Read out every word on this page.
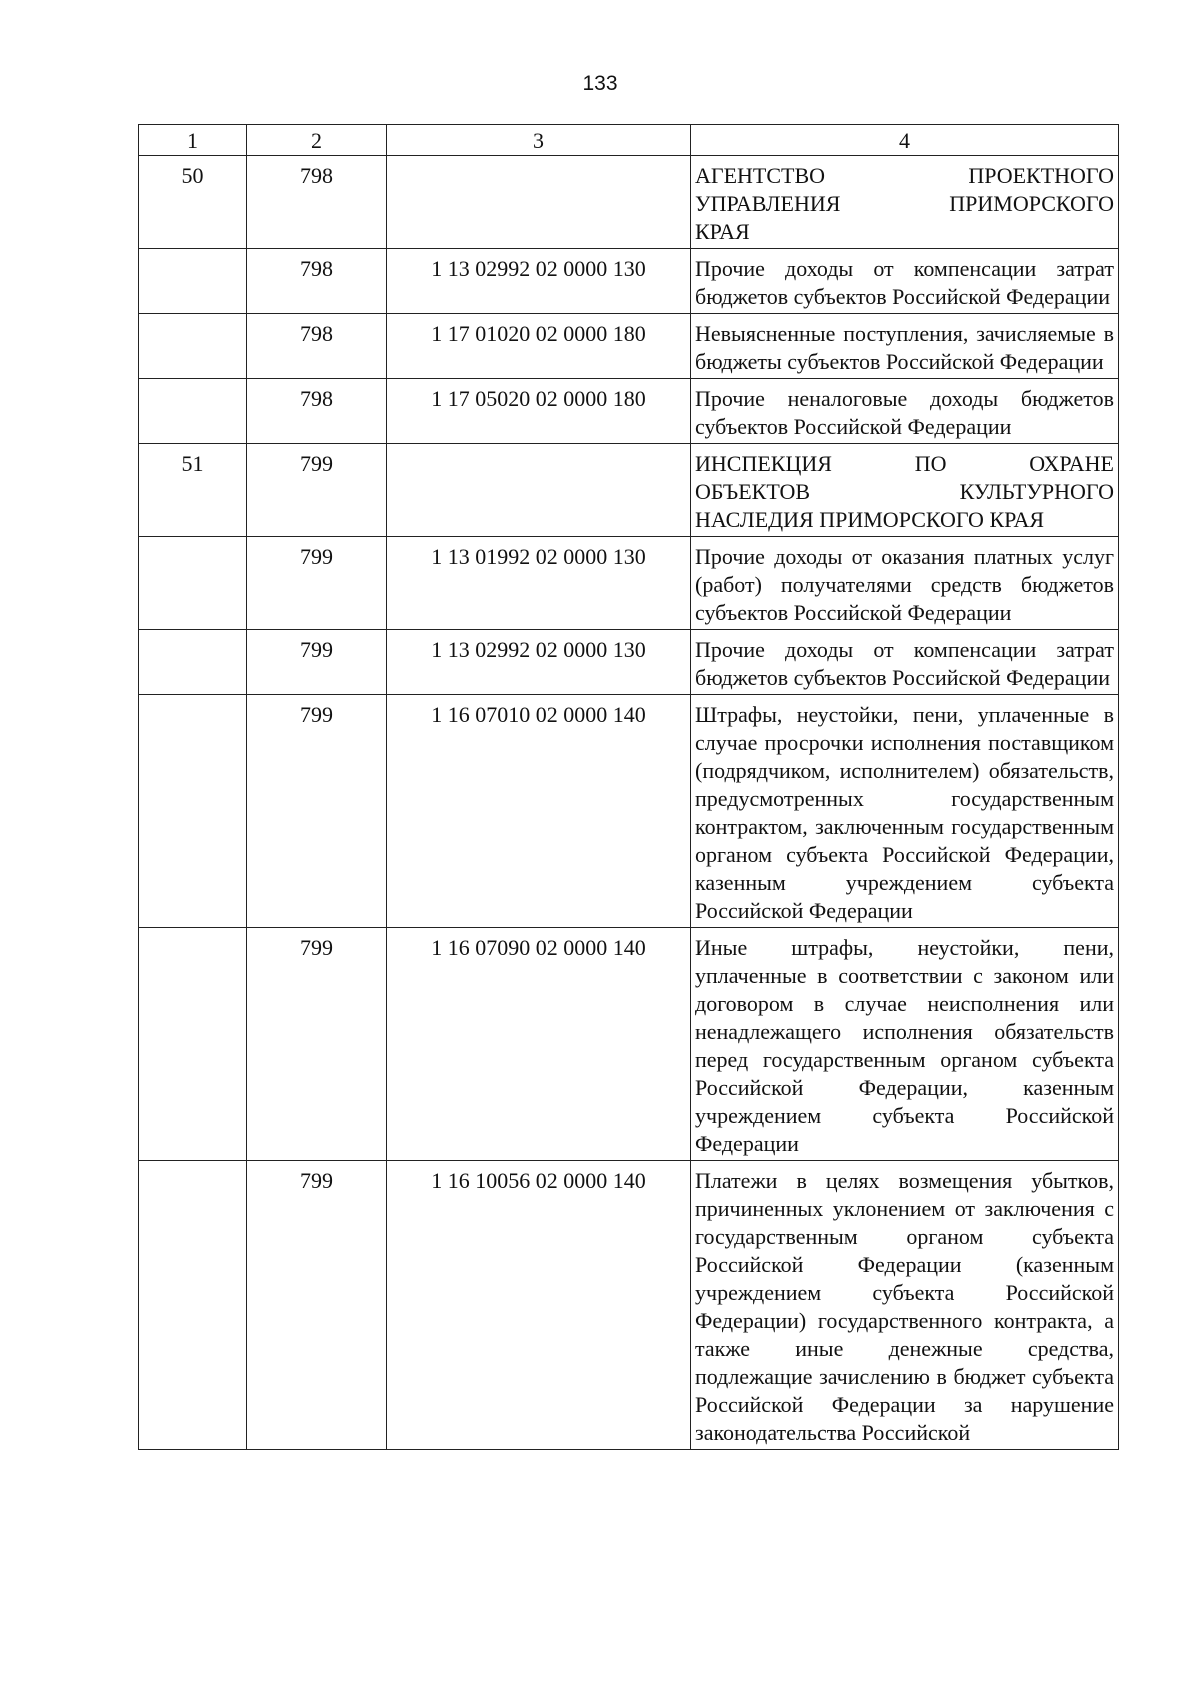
133
1	2	3	4
50	798		АГЕНТСТВО ПРОЕКТНОГО
УПРАВЛЕНИЯ ПРИМОРСКОГО
КРАЯ

	798	1 13 02992 02 0000 130	Прочие доходы от компенсации затрат бюджетов субъектов Российской Федерации
	798	1 17 01020 02 0000 180	Невыясненные поступления, зачисляемые в бюджеты субъектов Российской Федерации
	798	1 17 05020 02 0000 180	Прочие неналоговые доходы бюджетов субъектов Российской Федерации
51	799		ИНСПЕКЦИЯ ПО ОХРАНЕ
ОБЪЕКТОВ КУЛЬТУРНОГО
НАСЛЕДИЯ ПРИМОРСКОГО КРАЯ

	799	1 13 01992 02 0000 130	Прочие доходы от оказания платных услуг (работ) получателями средств бюджетов субъектов Российской Федерации
	799	1 13 02992 02 0000 130	Прочие доходы от компенсации затрат бюджетов субъектов Российской Федерации
	799	1 16 07010 02 0000 140	Штрафы, неустойки, пени, уплаченные в случае просрочки исполнения поставщиком (подрядчиком, исполнителем) обязательств, предусмотренных государственным контрактом, заключенным государственным органом субъекта Российской Федерации, казенным учреждением субъекта Российской Федерации
	799	1 16 07090 02 0000 140	Иные штрафы, неустойки, пени, уплаченные в соответствии с законом или договором в случае неисполнения или ненадлежащего исполнения обязательств перед государственным органом субъекта Российской Федерации, казенным учреждением субъекта Российской Федерации
	799	1 16 10056 02 0000 140	Платежи в целях возмещения убытков, причиненных уклонением от заключения с государственным органом субъекта Российской Федерации (казенным учреждением субъекта Российской Федерации) государственного контракта, а также иные денежные средства, подлежащие зачислению в бюджет субъекта Российской Федерации за нарушение законодательства Российской
